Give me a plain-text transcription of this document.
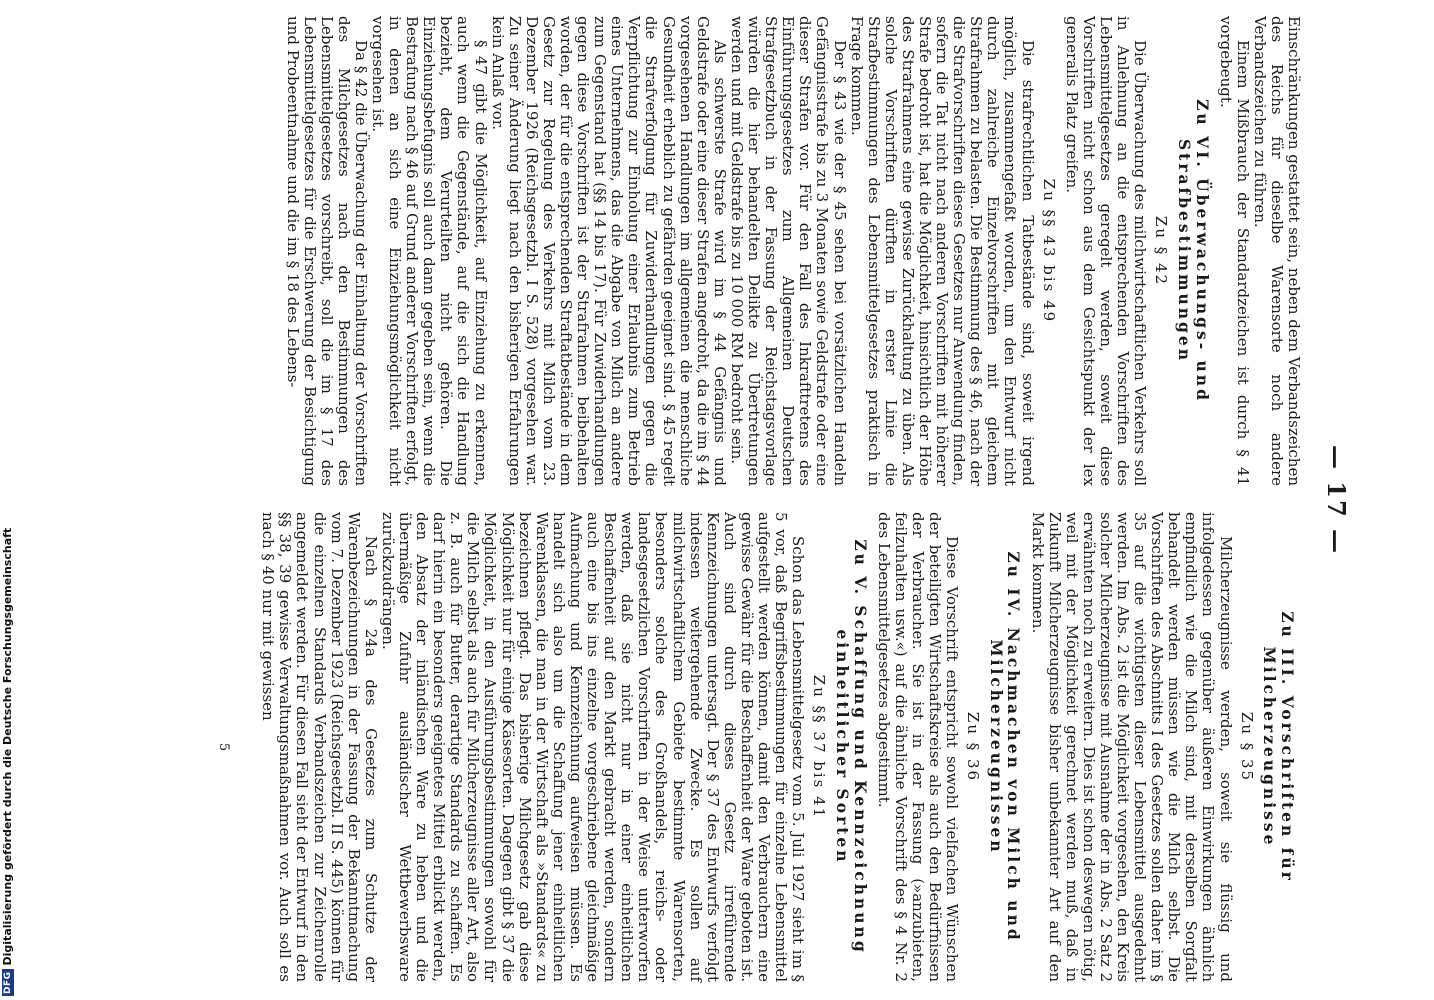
DFG
Digitalisierung gefördert durch die Deutsche Forschungsgemeinschaft
— 17 —

Einschränkungen gestattet sein, neben dem Verbandszeichen des Reichs für dieselbe Warensorte noch andere Verbandszeichen zu führen.

Einem Mißbrauch der Standardzeichen ist durch § 41 vorgebeugt.

Zu VI. Überwachungs- und Strafbestimmungen
Zu § 42

Die Überwachung des milchwirtschaftlichen Verkehrs soll in Anlehnung an die entsprechenden Vorschriften des Lebensmittelgesetzes geregelt werden, soweit diese Vorschriften nicht schon aus dem Gesichtspunkt der lex generalis Platz greifen.

Zu §§ 43 bis 49

Die strafrechtlichen Tatbestände sind, soweit irgend möglich, zusammengefaßt worden, um den Entwurf nicht durch zahlreiche Einzelvorschriften mit gleichem Strafrahmen zu belasten. Die Bestimmung des § 46, nach der die Strafvorschriften dieses Gesetzes nur Anwendung finden, sofern die Tat nicht nach anderen Vorschriften mit höherer Strafe bedroht ist, hat die Möglichkeit, hinsichtlich der Höhe des Strafrahmens eine gewisse Zurückhaltung zu üben. Als solche Vorschriften dürften in erster Linie die Strafbestimmungen des Lebensmittelgesetzes praktisch in Frage kommen.

Der § 43 wie der § 45 sehen bei vorsätzlichen Handeln Gefängnisstrafe bis zu 3 Monaten sowie Geldstrafe oder eine dieser Strafen vor. Für den Fall des Inkrafttretens des Einführungsgesetzes zum Allgemeinen Deutschen Strafgesetzbuch in der Fassung der Reichstagsvorlage würden die hier behandelten Delikte zu Übertretungen werden und mit Geldstrafe bis zu 10 000 RM bedroht sein.

Als schwerste Strafe wird im § 44 Gefängnis und Geldstrafe oder eine dieser Strafen angedroht, da die im § 44 vorgesehenen Handlungen im allgemeinen die menschliche Gesundheit erheblich zu gefährden geeignet sind. § 45 regelt die Strafverfolgung für Zuwiderhandlungen gegen die Verpflichtung zur Einholung einer Erlaubnis zum Betrieb eines Unternehmens, das die Abgabe von Milch an andere zum Gegenstand hat (§§ 14 bis 17). Für Zuwiderhandlungen gegen diese Vorschriften ist der Strafrahmen beibehalten worden, der für die entsprechenden Straftatbestände in dem Gesetz zur Regelung des Verkehrs mit Milch vom 23. Dezember 1926 (Reichsgesetzbl. I S. 528) vorgesehen war. Zu seiner Änderung liegt nach den bisherigen Erfahrungen kein Anlaß vor.

§ 47 gibt die Möglichkeit, auf Einziehung zu erkennen, auch wenn die Gegenstände, auf die sich die Handlung bezieht, dem Verurteilten nicht gehören. Die Einziehungsbefugnis soll auch dann gegeben sein, wenn die Bestrafung nach § 46 auf Grund anderer Vorschriften erfolgt, in denen an sich eine Einziehungsmöglichkeit nicht vorgesehen ist.

Da § 42 die Überwachung der Einhaltung der Vorschriften des Milchgesetzes nach den Bestimmungen des Lebensmittelgesetzes vorschreibt, soll die im § 17 des Lebensmittelgesetzes für die Erschwerung der Besichtigung und Probeentnahme und die im § 18 des Lebens-

Zu III. Vorschriften für Milcherzeugnisse
Zu § 35

Milcherzeugnisse werden, soweit sie flüssig und infolgedessen gegenüber äußeren Einwirkungen ähnlich empfindlich wie die Milch sind, mit derselben Sorgfalt behandelt werden müssen wie die Milch selbst. Die Vorschriften des Abschnitts I des Gesetzes sollen daher im § 35 auf die wichtigsten dieser Lebensmittel ausgedehnt werden. Im Abs. 2 ist die Möglichkeit vorgesehen, den Kreis solcher Milcherzeugnisse mit Ausnahme der in Abs. 2 Satz 2 erwähnten noch zu erweitern. Dies ist schon deswegen nötig, weil mit der Möglichkeit gerechnet werden muß, daß in Zukunft Milcherzeugnisse bisher unbekannter Art auf den Markt kommen.

Zu IV. Nachmachen von Milch und Milcherzeugnissen
Zu § 36

Diese Vorschrift entspricht sowohl vielfachen Wünschen der beteiligten Wirtschaftskreise als auch den Bedürfnissen der Verbraucher. Sie ist in der Fassung (»anzubieten, feilzuhalten usw.«) auf die ähnliche Vorschrift des § 4 Nr. 2 des Lebensmittelgesetzes abgestimmt.

Zu V. Schaffung und Kennzeichnung einheitlicher Sorten
Zu §§ 37 bis 41

Schon das Lebensmittelgesetz vom 5. Juli 1927 sieht im § 5 vor, daß Begriffsbestimmungen für einzelne Lebensmittel aufgestellt werden können, damit den Verbrauchern eine gewisse Gewähr für die Beschaffenheit der Ware geboten ist. Auch sind durch dieses Gesetz irreführende Kennzeichnungen untersagt. Der § 37 des Entwurfs verfolgt indessen weitergehende Zwecke. Es sollen auf milchwirtschaftlichem Gebiete bestimmte Warensorten, besonders solche des Großhandels, reichs- oder landesgesetzlichen Vorschriften in der Weise unterworfen werden, daß sie nicht nur in einer einheitlichen Beschaffenheit auf den Markt gebracht werden, sondern auch eine bis ins einzelne vorgeschriebene gleichmäßige Aufmachung und Kennzeichnung aufweisen müssen. Es handelt sich also um die Schaffung jener einheitlichen Warenklassen, die man in der Wirtschaft als »Standards« zu bezeichnen pflegt. Das bisherige Milchgesetz gab diese Möglichkeit nur für einige Käsesorten. Dagegen gibt § 37 die Möglichkeit, in den Ausführungsbestimmungen sowohl für die Milch selbst als auch für Milcherzeugnisse aller Art, also z. B. auch für Butter, derartige Standards zu schaffen. Es darf hierin ein besonders geeignetes Mittel erblickt werden, den Absatz der inländischen Ware zu heben und die übermäßige Zufuhr ausländischer Wettbewerbsware zurückzudrängen.

Nach § 24a des Gesetzes zum Schutze der Warenbezeichnungen in der Fassung der Bekanntmachung vom 7. Dezember 1923 (Reichsgesetzbl. II S. 445) können für die einzelnen Standards Verbandszeichen zur Zeichenrolle angemeldet werden. Für diesen Fall sieht der Entwurf in den §§ 38, 39 gewisse Verwaltungsmaßnahmen vor. Auch soll es nach § 40 nur mit gewissen

5
